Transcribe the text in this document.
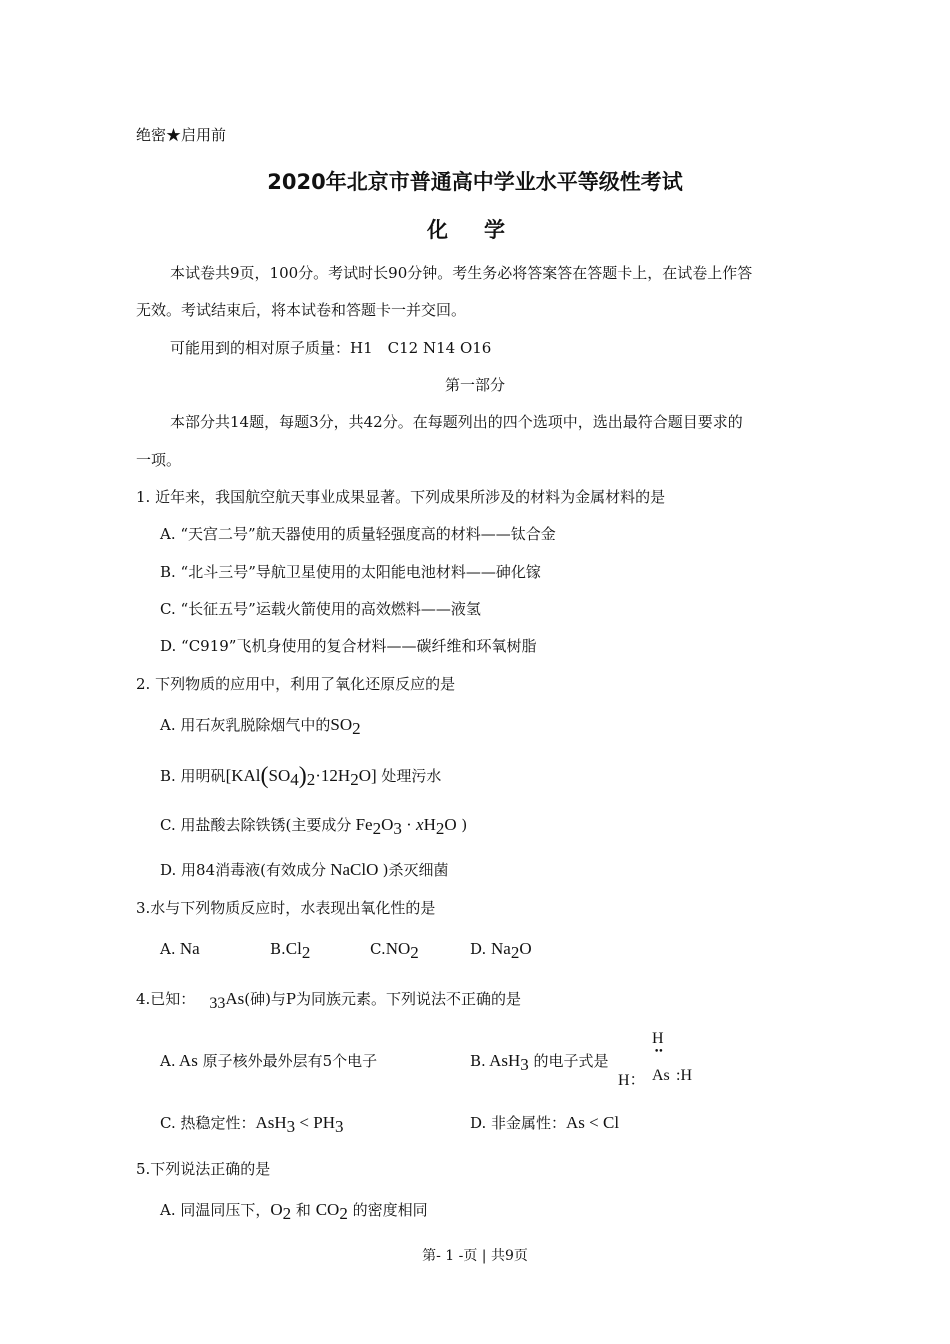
绝密★启用前
2020年北京市普通高中学业水平等级性考试
化学
本试卷共9页，100分。考试时长90分钟。考生务必将答案答在答题卡上，在试卷上作答
无效。考试结束后，将本试卷和答题卡一并交回。
可能用到的相对原子质量：H1　C12 N14 O16
第一部分
本部分共14题，每题3分，共42分。在每题列出的四个选项中，选出最符合题目要求的
一项。
1. 近年来，我国航空航天事业成果显著。下列成果所涉及的材料为金属材料的是
A. “天宫二号”航天器使用的质量轻强度高的材料——钛合金
B. “北斗三号”导航卫星使用的太阳能电池材料——砷化镓
C. “长征五号”运载火箭使用的高效燃料——液氢
D. “C919”飞机身使用的复合材料——碳纤维和环氧树脂
2. 下列物质的应用中，利用了氧化还原反应的是
A. 用石灰乳脱除烟气中的$SO_2$
B. 用明矾$[KAl(SO_4)_2\cdot 12H_2O]$ 处理污水
C. 用盐酸去除铁锈(主要成分 $Fe_2O_3 \cdot xH_2O$ )
D. 用84消毒液(有效成分 NaClO )杀灭细菌
3.水与下列物质反应时，水表现出氧化性的是
A. Na	$B.Cl_2$	$C.NO_2$	D. $Na_2O$
4.已知： $_{33}$As(砷)与P为同族元素。下列说法不正确的是
A. As 原子核外最外层有5个电子	B. AsH$_3$ 的电子式是
H
••
H： As :H
C. 热稳定性：$AsH_3 < PH_3$	D. 非金属性：As < Cl
5.下列说法正确的是
A. 同温同压下，$O_2$ 和 $CO_2$ 的密度相同
第- 1 -页 | 共9页
